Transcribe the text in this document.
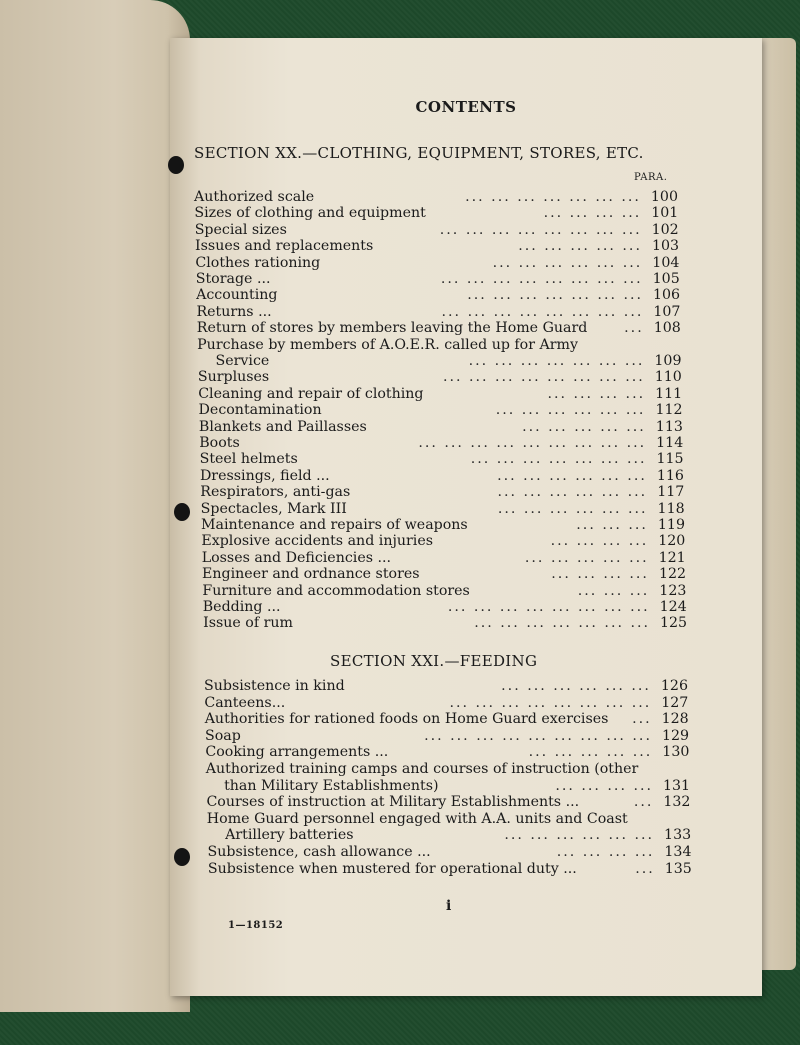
CONTENTS
SECTION XX.—CLOTHING, EQUIPMENT, STORES, ETC.
PARA.
Authorized scale	... ... ... ... ... ... ... 100
Sizes of clothing and equipment	... ... ... ... 101
Special sizes	... ... ... ... ... ... ... ... 102
Issues and replacements	... ... ... ... ... 103
Clothes rationing	... ... ... ... ... ... 104
Storage ...	... ... ... ... ... ... ... ... 105
Accounting	... ... ... ... ... ... ... 106
Returns ...	... ... ... ... ... ... ... ... 107
Return of stores by members leaving the Home Guard	... 108
Purchase by members of A.O.E.R. called up for Army
Service	... ... ... ... ... ... ... 109
Surpluses	... ... ... ... ... ... ... ... 110
Cleaning and repair of clothing	... ... ... ... 111
Decontamination	... ... ... ... ... ... 112
Blankets and Paillasses	... ... ... ... ... 113
Boots	... ... ... ... ... ... ... ... ... 114
Steel helmets	... ... ... ... ... ... ... 115
Dressings, field ...	... ... ... ... ... ... 116
Respirators, anti-gas	... ... ... ... ... ... 117
Spectacles, Mark III	... ... ... ... ... ... 118
Maintenance and repairs of weapons	... ... ... 119
Explosive accidents and injuries	... ... ... ... 120
Losses and Deficiencies ...	... ... ... ... ... 121
Engineer and ordnance stores	... ... ... ... 122
Furniture and accommodation stores	... ... ... 123
Bedding ...	... ... ... ... ... ... ... ... 124
Issue of rum	... ... ... ... ... ... ... 125
SECTION XXI.—FEEDING
Subsistence in kind	... ... ... ... ... ... 126
Canteens...	... ... ... ... ... ... ... ... 127
Authorities for rationed foods on Home Guard exercises ... 128
Soap	... ... ... ... ... ... ... ... ... 129
Cooking arrangements ...	... ... ... ... ... 130
Authorized training camps and courses of instruction (other
than Military Establishments)	... ... ... ... 131
Courses of instruction at Military Establishments ...	... 132
Home Guard personnel engaged with A.A. units and Coast
Artillery batteries	... ... ... ... ... ... 133
Subsistence, cash allowance ...	... ... ... ... 134
Subsistence when mustered for operational duty ...	... 135
i
1—18152
